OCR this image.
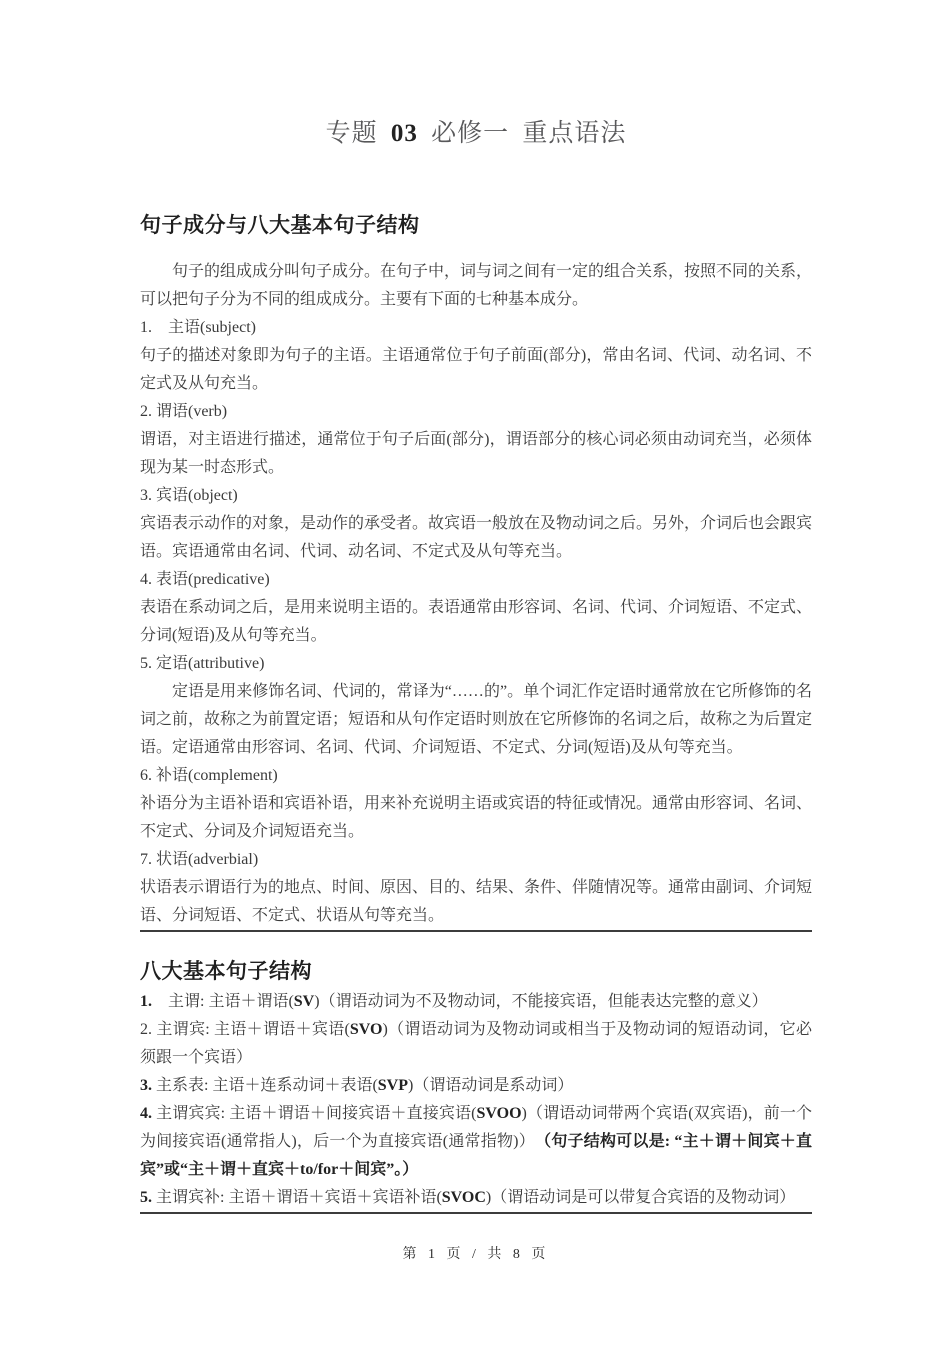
专题 03 必修一 重点语法
句子成分与八大基本句子结构

句子的组成成分叫句子成分。在句子中，词与词之间有一定的组合关系，按照不同的关系，可以把句子分为不同的组成成分。主要有下面的七种基本成分。

1.　主语(subject)

句子的描述对象即为句子的主语。主语通常位于句子前面(部分)，常由名词、代词、动名词、不定式及从句充当。

2. 谓语(verb)

谓语，对主语进行描述，通常位于句子后面(部分)，谓语部分的核心词必须由动词充当，必须体现为某一时态形式。

3. 宾语(object)

宾语表示动作的对象，是动作的承受者。故宾语一般放在及物动词之后。另外，介词后也会跟宾语。宾语通常由名词、代词、动名词、不定式及从句等充当。

4. 表语(predicative)

表语在系动词之后，是用来说明主语的。表语通常由形容词、名词、代词、介词短语、不定式、分词(短语)及从句等充当。

5. 定语(attributive)

定语是用来修饰名词、代词的，常译为“……的”。单个词汇作定语时通常放在它所修饰的名词之前，故称之为前置定语；短语和从句作定语时则放在它所修饰的名词之后，故称之为后置定语。定语通常由形容词、名词、代词、介词短语、不定式、分词(短语)及从句等充当。

6. 补语(complement)

补语分为主语补语和宾语补语，用来补充说明主语或宾语的特征或情况。通常由形容词、名词、不定式、分词及介词短语充当。

7. 状语(adverbial)

状语表示谓语行为的地点、时间、原因、目的、结果、条件、伴随情况等。通常由副词、介词短语、分词短语、不定式、状语从句等充当。

八大基本句子结构

1.　主谓: 主语＋谓语(SV)（谓语动词为不及物动词，不能接宾语，但能表达完整的意义）

2. 主谓宾: 主语＋谓语＋宾语(SVO)（谓语动词为及物动词或相当于及物动词的短语动词，它必须跟一个宾语）

3. 主系表: 主语＋连系动词＋表语(SVP)（谓语动词是系动词）

4. 主谓宾宾: 主语＋谓语＋间接宾语＋直接宾语(SVOO)（谓语动词带两个宾语(双宾语)，前一个为间接宾语(通常指人)，后一个为直接宾语(通常指物)）　（句子结构可以是: “主＋谓＋间宾＋直宾”或“主＋谓＋直宾＋to/for＋间宾”。）

5. 主谓宾补: 主语＋谓语＋宾语＋宾语补语(SVOC)（谓语动词是可以带复合宾语的及物动词）

第 1 页 / 共 8 页
